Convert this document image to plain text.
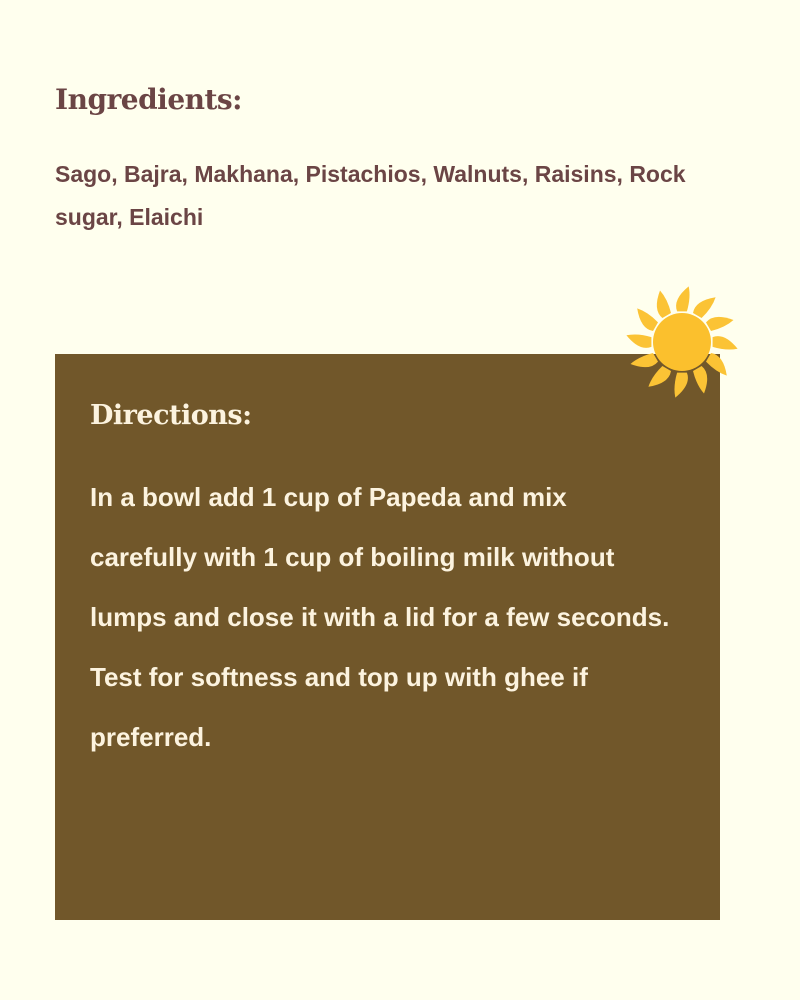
Ingredients:

Sago, Bajra, Makhana, Pistachios, Walnuts, Raisins, Rock sugar, Elaichi

Directions:

In a bowl add 1 cup of Papeda and mix carefully with 1 cup of boiling milk without lumps and close it with a lid for a few seconds. Test for softness and top up with ghee if preferred.
